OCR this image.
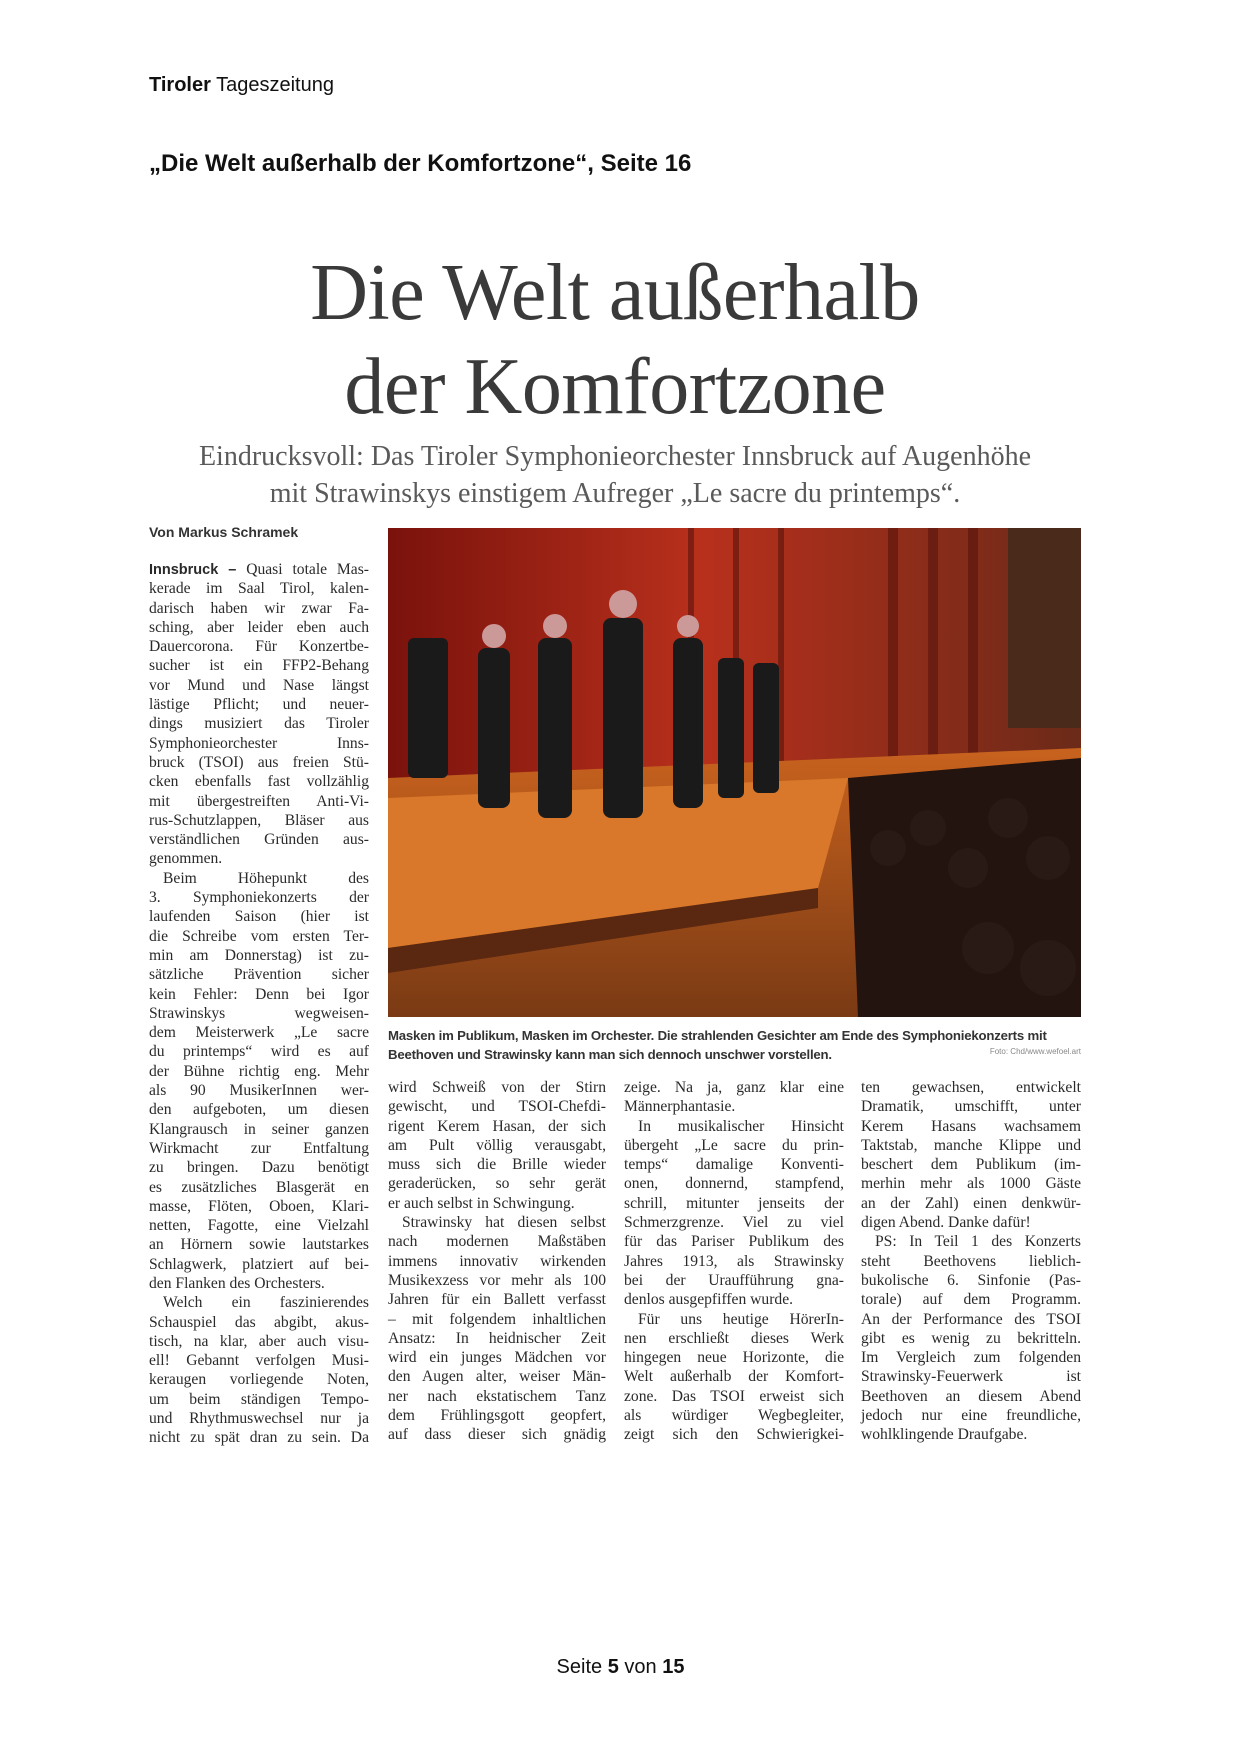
Tiroler Tageszeitung
„Die Welt außerhalb der Komfortzone“, Seite 16
Die Welt außerhalb
der Komfortzone
Eindrucksvoll: Das Tiroler Symphonieorchester Innsbruck auf Augenhöhe
mit Strawinskys einstigem Aufreger „Le sacre du printemps“.
Von Markus Schramek
Masken im Publikum, Masken im Orchester. Die strahlenden Gesichter am Ende des Symphoniekonzerts mit Beethoven und Strawinsky kann man sich dennoch unschwer vorstellen.	Foto: Chd/www.wefoel.art
Innsbruck – Quasi totale Mas-
kerade im Saal Tirol, kalen-
darisch haben wir zwar Fa-
sching, aber leider eben auch
Dauercorona. Für Konzertbe-
sucher ist ein FFP2-Behang
vor Mund und Nase längst
lästige Pflicht; und neuer-
dings musiziert das Tiroler
Symphonieorchester Inns-
bruck (TSOI) aus freien Stü-
cken ebenfalls fast vollzählig
mit übergestreiften Anti-Vi-
rus-Schutzlappen, Bläser aus
verständlichen Gründen aus-
genommen.
Beim Höhepunkt des
3. Symphoniekonzerts der
laufenden Saison (hier ist
die Schreibe vom ersten Ter-
min am Donnerstag) ist zu-
sätzliche Prävention sicher
kein Fehler: Denn bei Igor
Strawinskys wegweisen-
dem Meisterwerk „Le sacre
du printemps“ wird es auf
der Bühne richtig eng. Mehr
als 90 MusikerInnen wer-
den aufgeboten, um diesen
Klangrausch in seiner ganzen
Wirkmacht zur Entfaltung
zu bringen. Dazu benötigt
es zusätzliches Blasgerät en
masse, Flöten, Oboen, Klari-
netten, Fagotte, eine Vielzahl
an Hörnern sowie lautstarkes
Schlagwerk, platziert auf bei-
den Flanken des Orchesters.
Welch ein faszinierendes
Schauspiel das abgibt, akus-
tisch, na klar, aber auch visu-
ell! Gebannt verfolgen Musi-
keraugen vorliegende Noten,
um beim ständigen Tempo-
und Rhythmuswechsel nur ja
nicht zu spät dran zu sein. Da
wird Schweiß von der Stirn
gewischt, und TSOI-Chefdi-
rigent Kerem Hasan, der sich
am Pult völlig verausgabt,
muss sich die Brille wieder
geraderücken, so sehr gerät
er auch selbst in Schwingung.
Strawinsky hat diesen selbst
nach modernen Maßstäben
immens innovativ wirkenden
Musikexzess vor mehr als 100
Jahren für ein Ballett verfasst
– mit folgendem inhaltlichen
Ansatz: In heidnischer Zeit
wird ein junges Mädchen vor
den Augen alter, weiser Män-
ner nach ekstatischem Tanz
dem Frühlingsgott geopfert,
auf dass dieser sich gnädig
zeige. Na ja, ganz klar eine
Männerphantasie.
In musikalischer Hinsicht
übergeht „Le sacre du prin-
temps“ damalige Konventi-
onen, donnernd, stampfend,
schrill, mitunter jenseits der
Schmerzgrenze. Viel zu viel
für das Pariser Publikum des
Jahres 1913, als Strawinsky
bei der Uraufführung gna-
denlos ausgepfiffen wurde.
Für uns heutige HörerIn-
nen erschließt dieses Werk
hingegen neue Horizonte, die
Welt außerhalb der Komfort-
zone. Das TSOI erweist sich
als würdiger Wegbegleiter,
zeigt sich den Schwierigkei-
ten gewachsen, entwickelt
Dramatik, umschifft, unter
Kerem Hasans wachsamem
Taktstab, manche Klippe und
beschert dem Publikum (im-
merhin mehr als 1000 Gäste
an der Zahl) einen denkwür-
digen Abend. Danke dafür!
PS: In Teil 1 des Konzerts
steht Beethovens lieblich-
bukolische 6. Sinfonie (Pas-
torale) auf dem Programm.
An der Performance des TSOI
gibt es wenig zu bekritteln.
Im Vergleich zum folgenden
Strawinsky-Feuerwerk ist
Beethoven an diesem Abend
jedoch nur eine freundliche,
wohlklingende Draufgabe.
Seite 5 von 15
